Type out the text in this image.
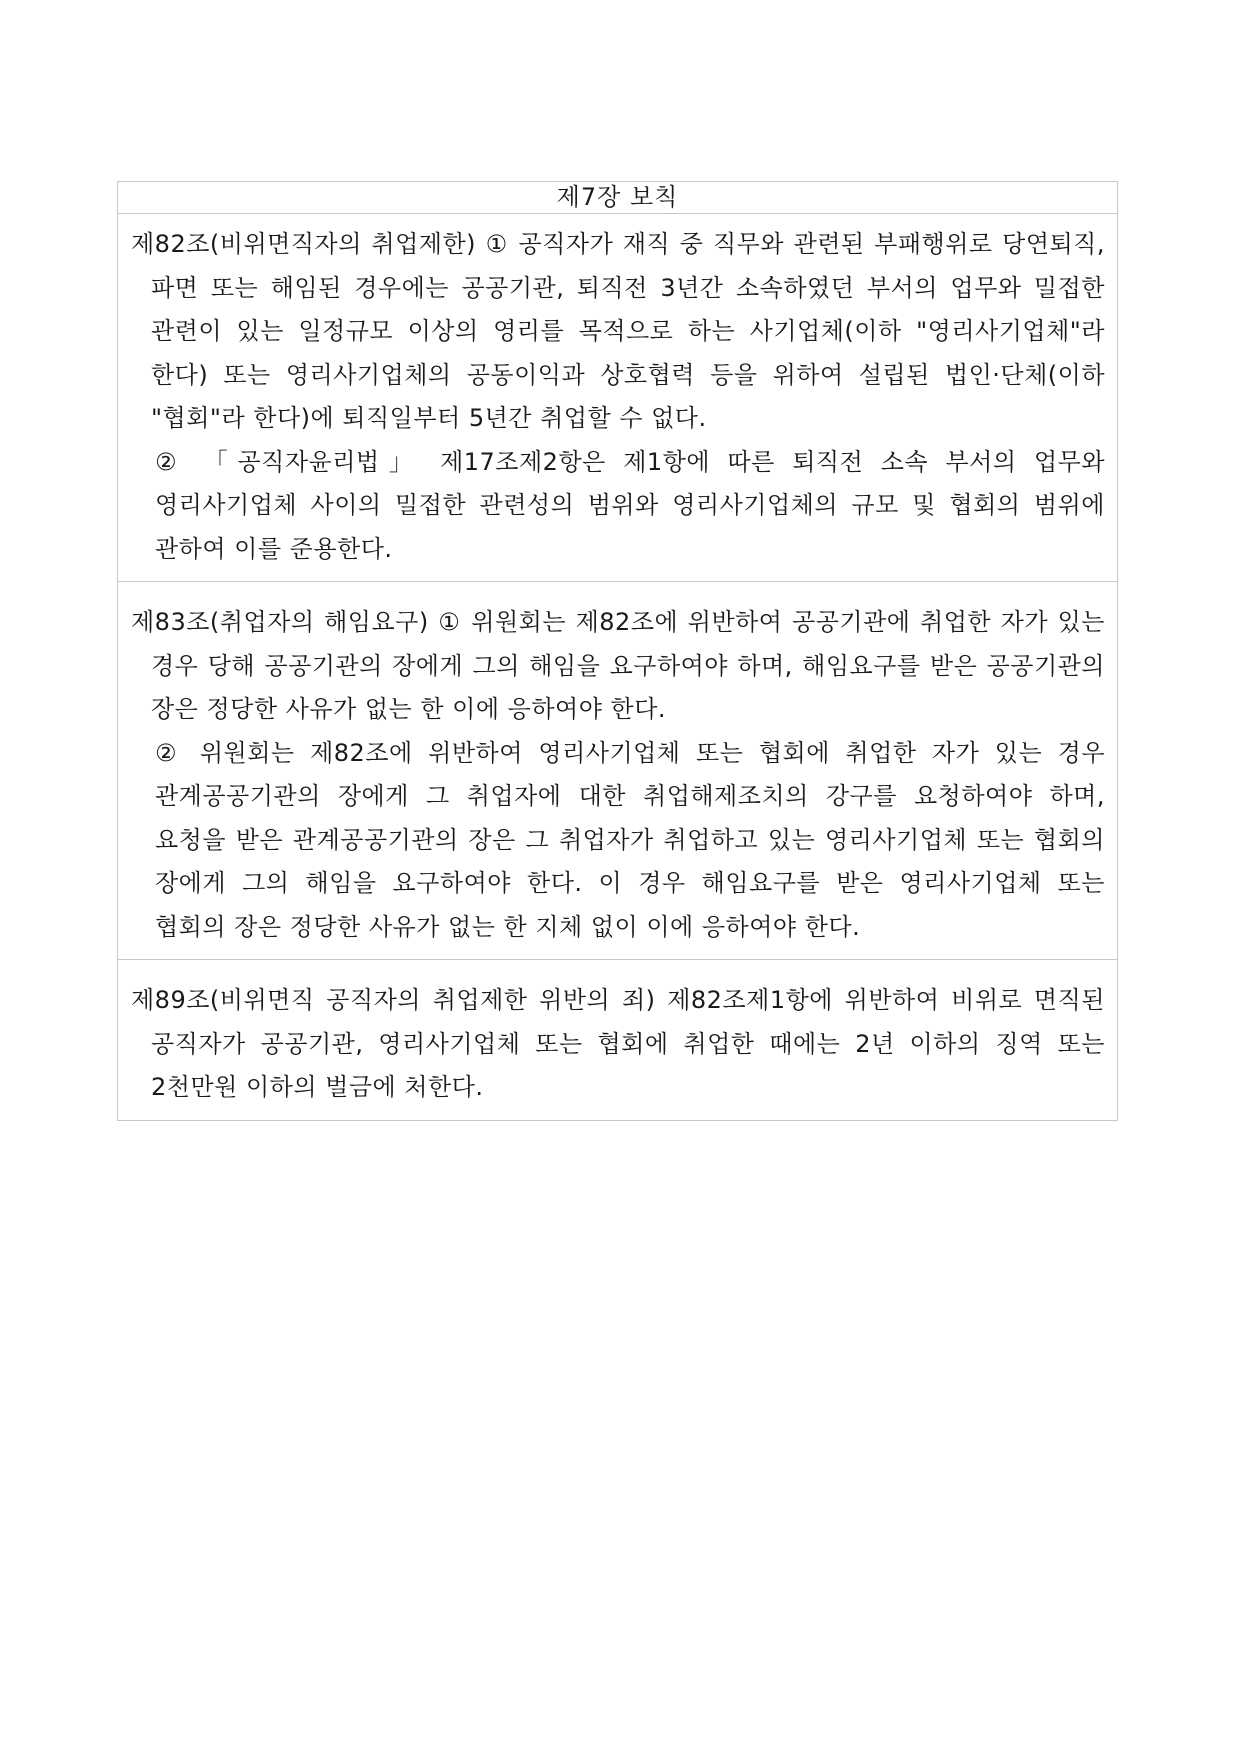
제7장 보칙

제82조(비위면직자의 취업제한) ① 공직자가 재직 중 직무와 관련된 부패행위로 당연퇴직, 파면 또는 해임된 경우에는 공공기관, 퇴직전 3년간 소속하였던 부서의 업무와 밀접한 관련이 있는 일정규모 이상의 영리를 목적으로 하는 사기업체(이하 "영리사기업체"라 한다) 또는 영리사기업체의 공동이익과 상호협력 등을 위하여 설립된 법인·단체(이하 "협회"라 한다)에 퇴직일부터 5년간 취업할 수 없다.

② 「공직자윤리법」 제17조제2항은 제1항에 따른 퇴직전 소속 부서의 업무와 영리사기업체 사이의 밀접한 관련성의 범위와 영리사기업체의 규모 및 협회의 범위에 관하여 이를 준용한다.

제83조(취업자의 해임요구) ① 위원회는 제82조에 위반하여 공공기관에 취업한 자가 있는 경우 당해 공공기관의 장에게 그의 해임을 요구하여야 하며, 해임요구를 받은 공공기관의 장은 정당한 사유가 없는 한 이에 응하여야 한다.

② 위원회는 제82조에 위반하여 영리사기업체 또는 협회에 취업한 자가 있는 경우 관계공공기관의 장에게 그 취업자에 대한 취업해제조치의 강구를 요청하여야 하며, 요청을 받은 관계공공기관의 장은 그 취업자가 취업하고 있는 영리사기업체 또는 협회의 장에게 그의 해임을 요구하여야 한다. 이 경우 해임요구를 받은 영리사기업체 또는 협회의 장은 정당한 사유가 없는 한 지체 없이 이에 응하여야 한다.

제89조(비위면직 공직자의 취업제한 위반의 죄) 제82조제1항에 위반하여 비위로 면직된 공직자가 공공기관, 영리사기업체 또는 협회에 취업한 때에는 2년 이하의 징역 또는 2천만원 이하의 벌금에 처한다.
